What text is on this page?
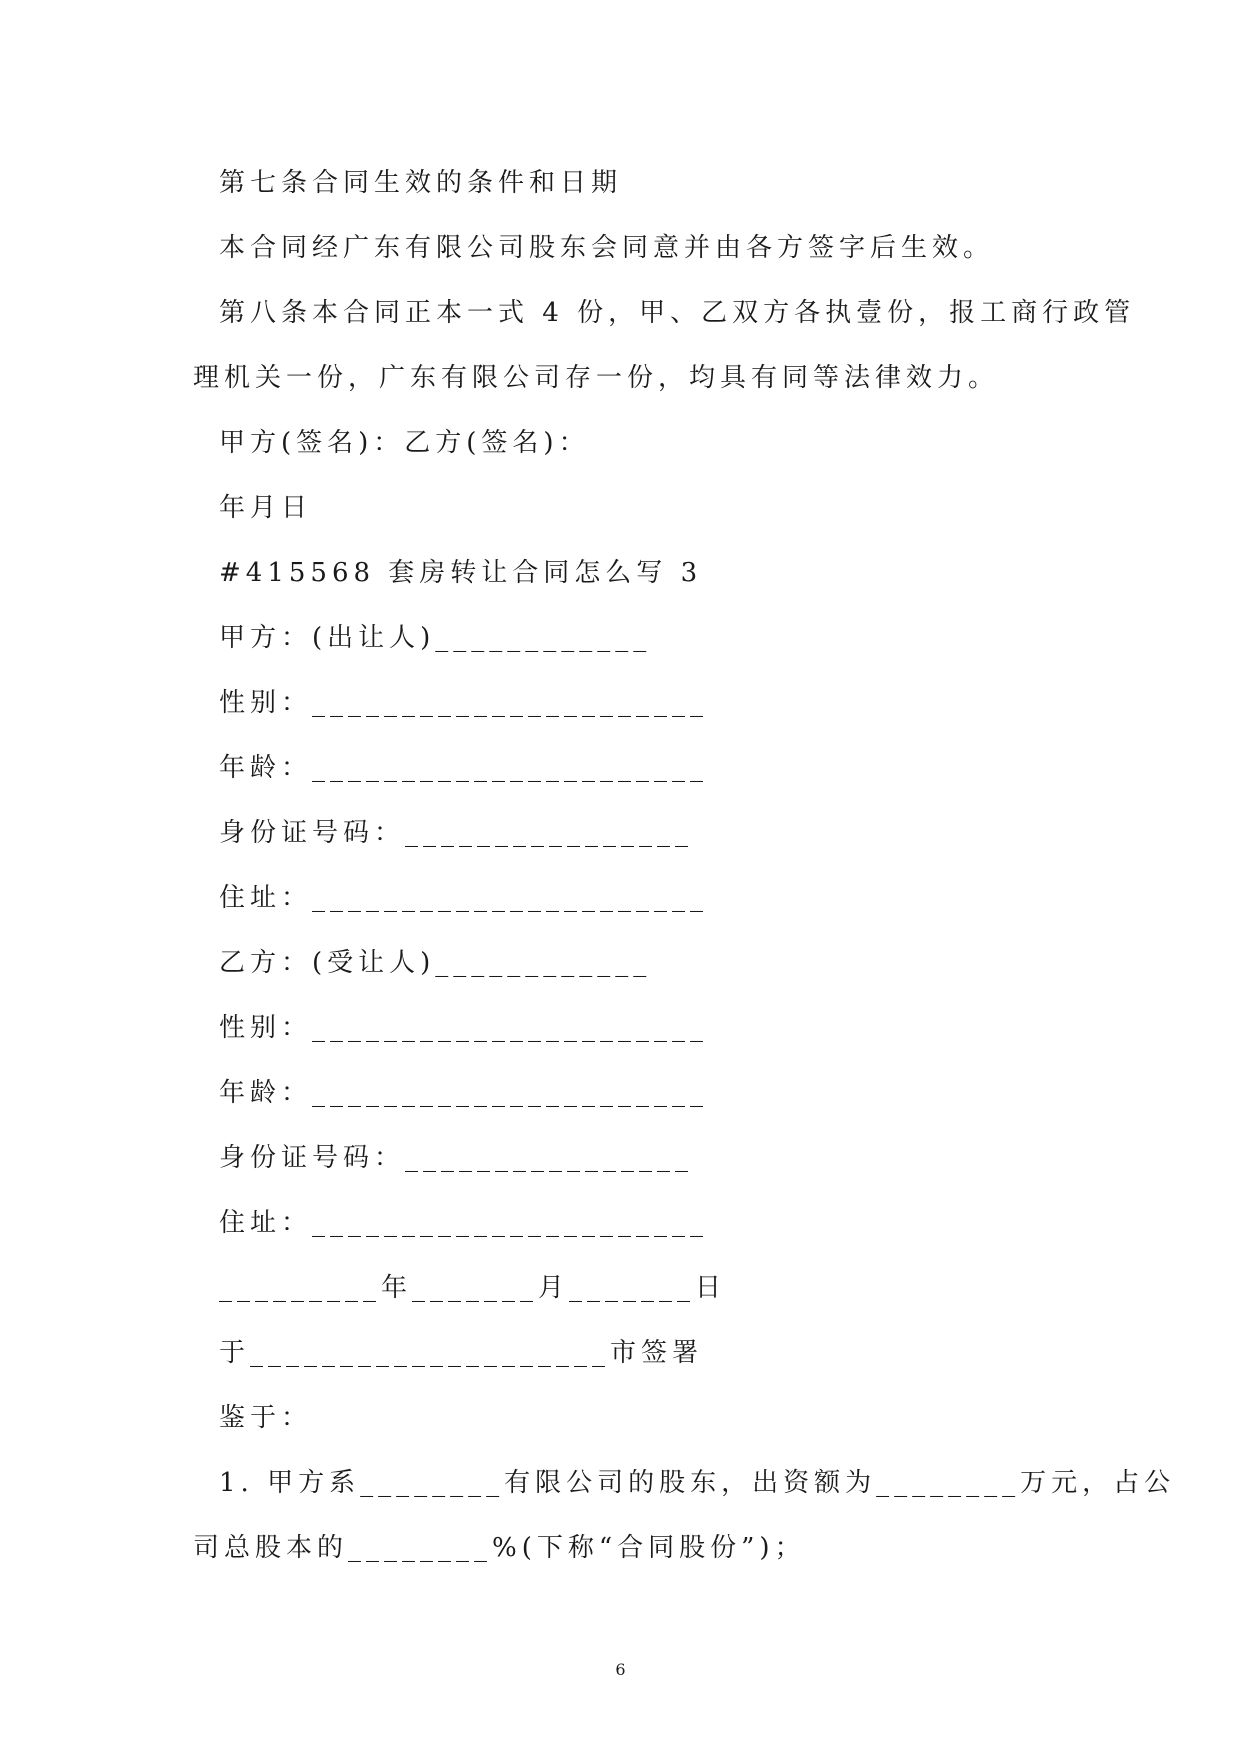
第七条合同生效的条件和日期
本合同经广东有限公司股东会同意并由各方签字后生效。
第八条本合同正本一式 4 份，甲、乙双方各执壹份，报工商行政管
理机关一份，广东有限公司存一份，均具有同等法律效力。
甲方(签名)：乙方(签名)：
年月日
#415568 套房转让合同怎么写 3
甲方：(出让人)____________
性别：______________________
年龄：______________________
身份证号码：________________
住址：______________________
乙方：(受让人)____________
性别：______________________
年龄：______________________
身份证号码：________________
住址：______________________
_________年_______月_______日
于____________________市签署
鉴于：
1. 甲方系________有限公司的股东，出资额为________万元，占公
司总股本的________%(下称“合同股份”)；
6
